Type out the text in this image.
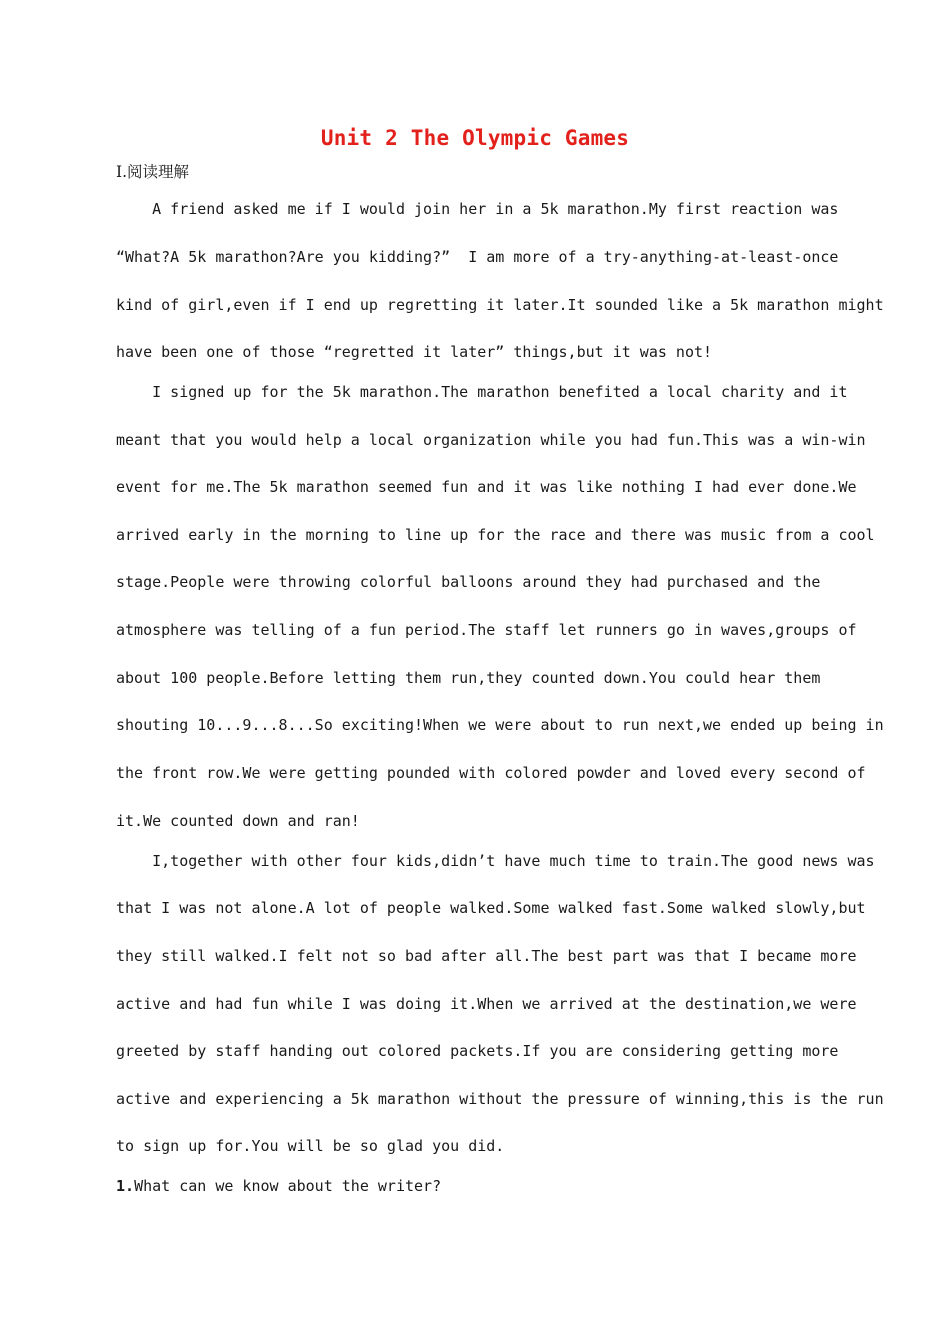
Unit 2 The Olympic Games
Ⅰ.阅读理解
A friend asked me if I would join her in a 5k marathon.My first reaction was
“What?A 5k marathon?Are you kidding?”  I am more of a try-anything-at-least-once
kind of girl,even if I end up regretting it later.It sounded like a 5k marathon might
have been one of those “regretted it later” things,but it was not!
I signed up for the 5k marathon.The marathon benefited a local charity and it
meant that you would help a local organization while you had fun.This was a win-win
event for me.The 5k marathon seemed fun and it was like nothing I had ever done.We
arrived early in the morning to line up for the race and there was music from a cool
stage.People were throwing colorful balloons around they had purchased and the
atmosphere was telling of a fun period.The staff let runners go in waves,groups of
about 100 people.Before letting them run,they counted down.You could hear them
shouting 10...9...8...So exciting!When we were about to run next,we ended up being in
the front row.We were getting pounded with colored powder and loved every second of
it.We counted down and ran!
I,together with other four kids,didn’t have much time to train.The good news was
that I was not alone.A lot of people walked.Some walked fast.Some walked slowly,but
they still walked.I felt not so bad after all.The best part was that I became more
active and had fun while I was doing it.When we arrived at the destination,we were
greeted by staff handing out colored packets.If you are considering getting more
active and experiencing a 5k marathon without the pressure of winning,this is the run
to sign up for.You will be so glad you did.
1.What can we know about the writer?
